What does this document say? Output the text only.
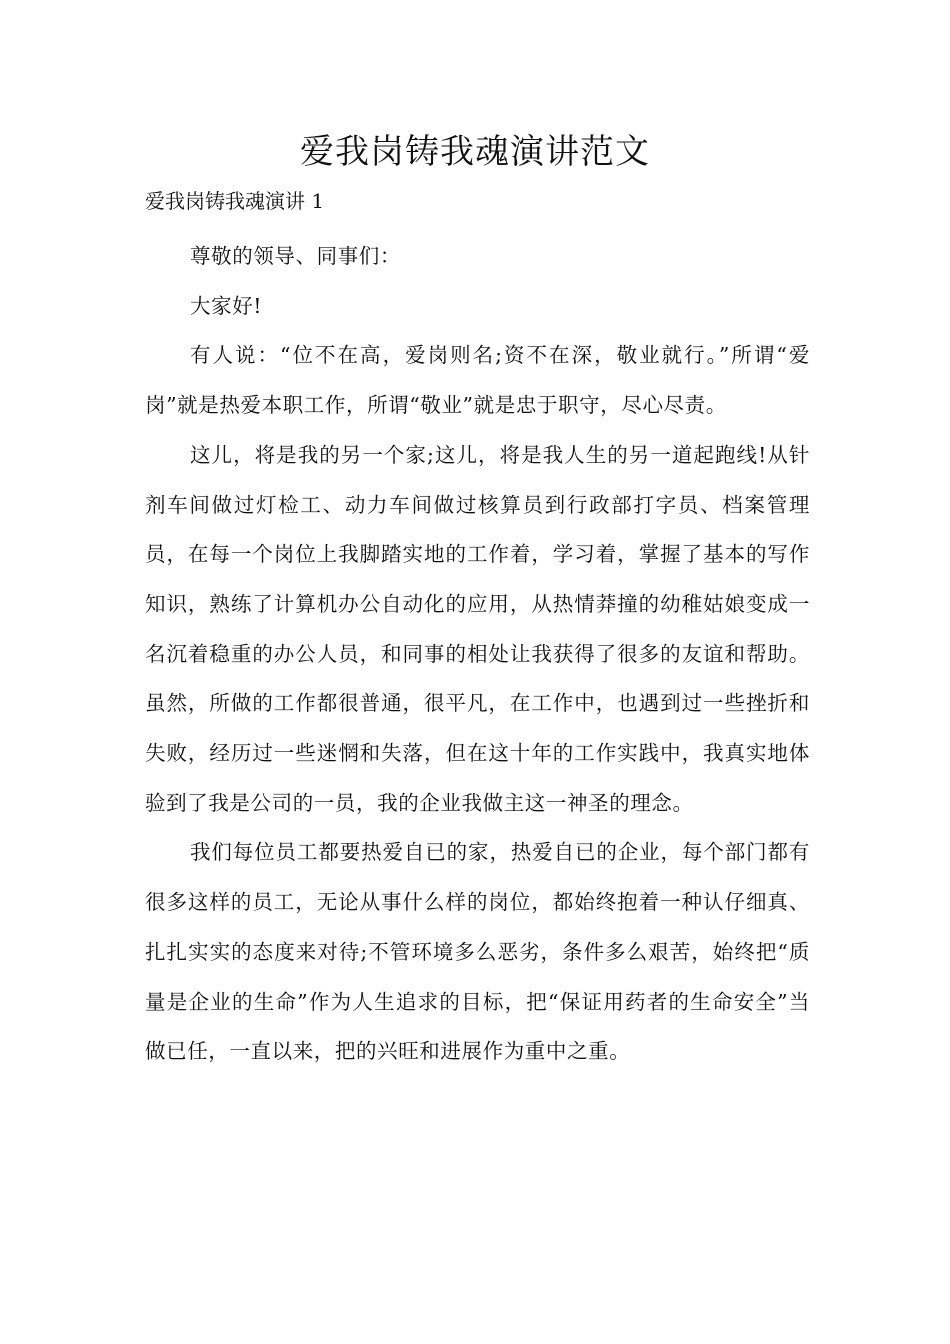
爱我岗铸我魂演讲范文
爱我岗铸我魂演讲 1

尊敬的领导、同事们：

大家好!

有人说：“位不在高，爱岗则名;资不在深，敬业就行。”所谓“爱岗”就是热爱本职工作，所谓“敬业”就是忠于职守，尽心尽责。

这儿，将是我的另一个家;这儿，将是我人生的另一道起跑线!从针剂车间做过灯检工、动力车间做过核算员到行政部打字员、档案管理员，在每一个岗位上我脚踏实地的工作着，学习着，掌握了基本的写作知识，熟练了计算机办公自动化的应用，从热情莽撞的幼稚姑娘变成一名沉着稳重的办公人员，和同事的相处让我获得了很多的友谊和帮助。虽然，所做的工作都很普通，很平凡，在工作中，也遇到过一些挫折和失败，经历过一些迷惘和失落，但在这十年的工作实践中，我真实地体验到了我是公司的一员，我的企业我做主这一神圣的理念。

我们每位员工都要热爱自已的家，热爱自已的企业，每个部门都有很多这样的员工，无论从事什么样的岗位，都始终抱着一种认仔细真、扎扎实实的态度来对待;不管环境多么恶劣，条件多么艰苦，始终把“质量是企业的生命”作为人生追求的目标，把“保证用药者的生命安全”当做已任，一直以来，把的兴旺和进展作为重中之重。
